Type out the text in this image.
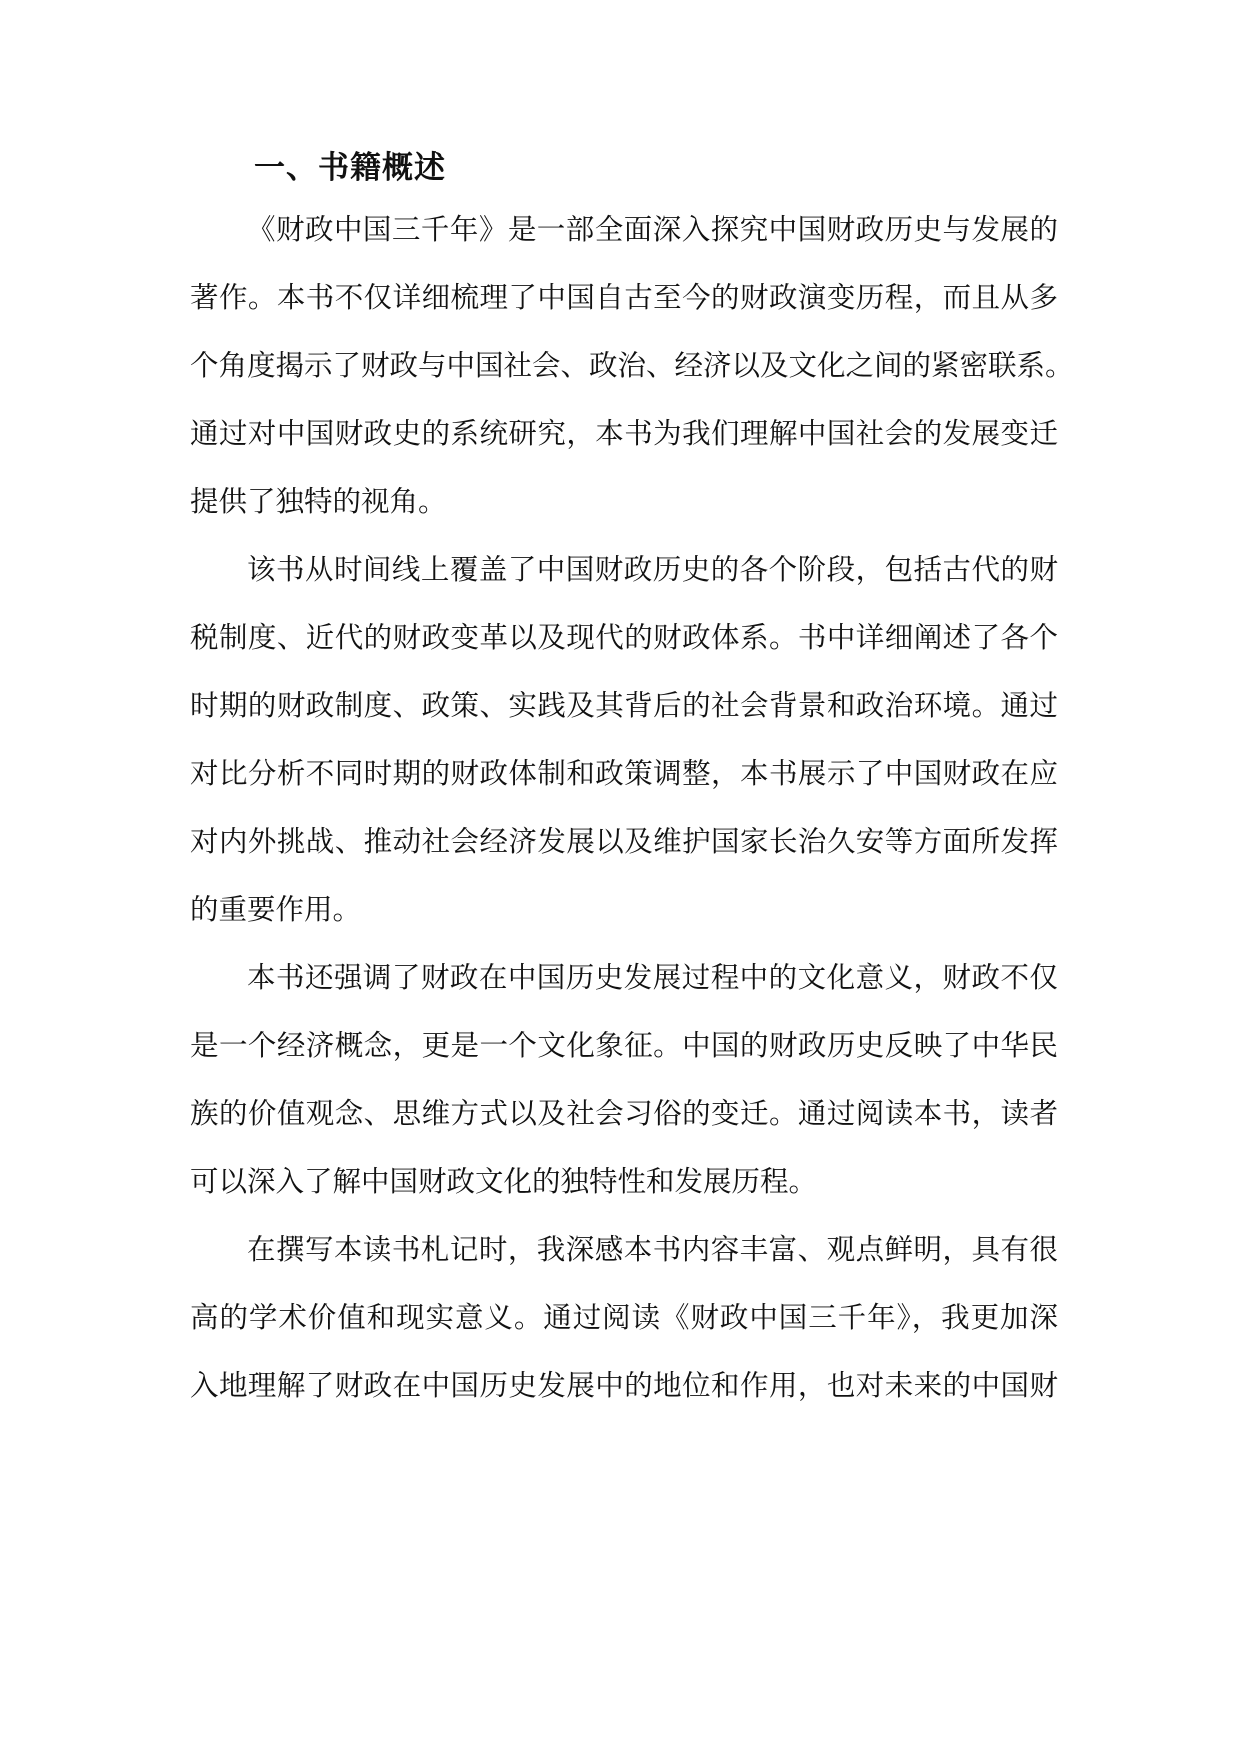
一、书籍概述

《财政中国三千年》是一部全面深入探究中国财政历史与发展的

著作。本书不仅详细梳理了中国自古至今的财政演变历程，而且从多

个角度揭示了财政与中国社会、政治、经济以及文化之间的紧密联系。

通过对中国财政史的系统研究，本书为我们理解中国社会的发展变迁

提供了独特的视角。

该书从时间线上覆盖了中国财政历史的各个阶段，包括古代的财

税制度、近代的财政变革以及现代的财政体系。书中详细阐述了各个

时期的财政制度、政策、实践及其背后的社会背景和政治环境。通过

对比分析不同时期的财政体制和政策调整，本书展示了中国财政在应

对内外挑战、推动社会经济发展以及维护国家长治久安等方面所发挥

的重要作用。

本书还强调了财政在中国历史发展过程中的文化意义，财政不仅

是一个经济概念，更是一个文化象征。中国的财政历史反映了中华民

族的价值观念、思维方式以及社会习俗的变迁。通过阅读本书，读者

可以深入了解中国财政文化的独特性和发展历程。

在撰写本读书札记时，我深感本书内容丰富、观点鲜明，具有很

高的学术价值和现实意义。通过阅读《财政中国三千年》，我更加深

入地理解了财政在中国历史发展中的地位和作用，也对未来的中国财
